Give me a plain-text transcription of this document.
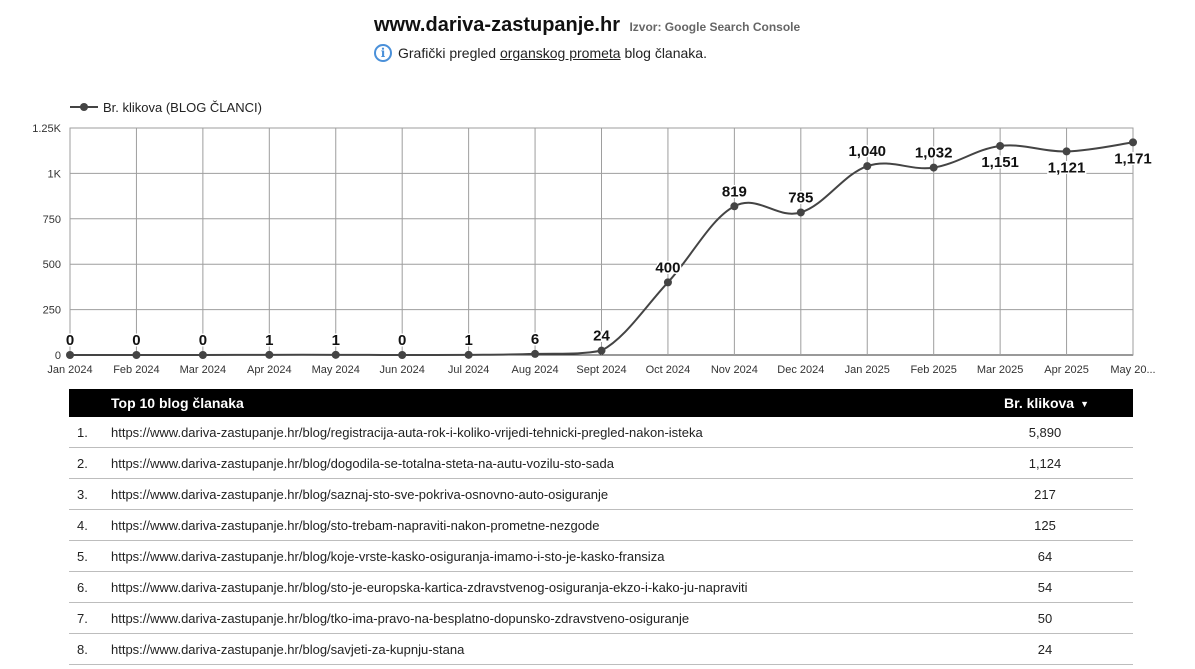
www.dariva-zastupanje.hr Izvor: Google Search Console
i Grafički pregled organskog prometa blog članaka.
0
250
500
750
1K
1.25K
Jan 2024 Feb 2024 Mar 2024 Apr 2024 May 2024 Jun 2024 Jul 2024 Aug 2024 Sept 2024 Oct 2024 Nov 2024 Dec 2024 Jan 2025 Feb 2025 Mar 2025 Apr 2025 May 20...
0	0	0	1	1	0	1	6	24
400
819	785
1,040 1,032
1,151 1,121
1,171
Br. klikova (BLOG ČLANCI)
Top 10 blog članaka	Br. klikova ▼
1. https://www.dariva-zastupanje.hr/blog/registracija-auta-rok-i-koliko-vrijedi-tehnicki-pregled-nakon-isteka	5,890
2. https://www.dariva-zastupanje.hr/blog/dogodila-se-totalna-steta-na-autu-vozilu-sto-sada	1,124
3. https://www.dariva-zastupanje.hr/blog/saznaj-sto-sve-pokriva-osnovno-auto-osiguranje	217
4. https://www.dariva-zastupanje.hr/blog/sto-trebam-napraviti-nakon-prometne-nezgode	125
5. https://www.dariva-zastupanje.hr/blog/koje-vrste-kasko-osiguranja-imamo-i-sto-je-kasko-fransiza	64
6. https://www.dariva-zastupanje.hr/blog/sto-je-europska-kartica-zdravstvenog-osiguranja-ekzo-i-kako-ju-napraviti	54
7. https://www.dariva-zastupanje.hr/blog/tko-ima-pravo-na-besplatno-dopunsko-zdravstveno-osiguranje	50
8. https://www.dariva-zastupanje.hr/blog/savjeti-za-kupnju-stana	24
